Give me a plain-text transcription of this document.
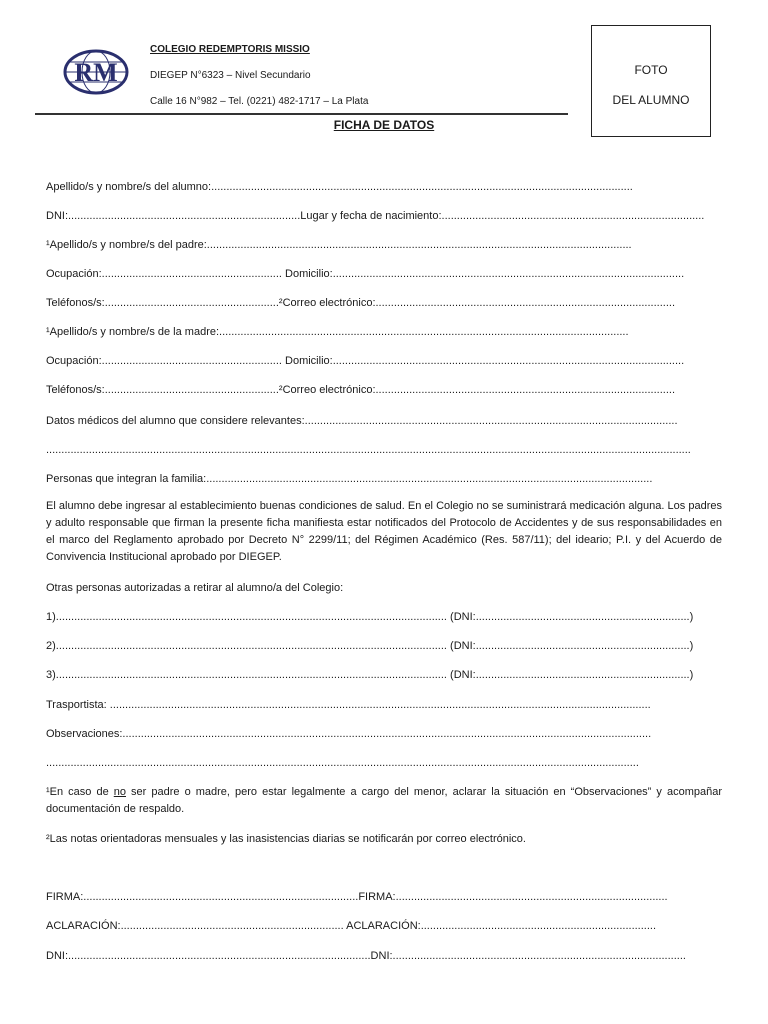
RM
COLEGIO REDEMPTORIS MISSIO
DIEGEP N°6323 – Nivel Secundario
Calle 16 N°982 – Tel. (0221) 482-1717 – La Plata
FOTO
DEL ALUMNO
FICHA DE DATOS
Apellido/s y nombre/s del alumno:..........................................................................................................................................
DNI:............................................................................Lugar y fecha de nacimiento:......................................................................................
¹Apellido/s y nombre/s del padre:...........................................................................................................................................
Ocupación:........................................................... Domicilio:...................................................................................................................
Teléfonos/s:.........................................................²Correo electrónico:..................................................................................................
¹Apellido/s y nombre/s de la madre:......................................................................................................................................
Ocupación:........................................................... Domicilio:...................................................................................................................
Teléfonos/s:.........................................................²Correo electrónico:..................................................................................................
Datos médicos del alumno que considere relevantes:..........................................................................................................................
...................................................................................................................................................................................................................
Personas que integran la familia:..................................................................................................................................................

El alumno debe ingresar al establecimiento buenas condiciones de salud. En el Colegio no se suministrará medicación alguna. Los padres y adulto responsable que firman la presente ficha manifiesta estar notificados del Protocolo de Accidentes y de sus responsabilidades en el marco del Reglamento aprobado por Decreto N° 2299/11; del Régimen Académico (Res. 587/11); del ideario; P.I. y del Acuerdo de Convivencia Institucional aprobado por DIEGEP.

Otras personas autorizadas a retirar al alumno/a del Colegio:
1)................................................................................................................................ (DNI:......................................................................)
2)................................................................................................................................ (DNI:......................................................................)
3)................................................................................................................................ (DNI:......................................................................)
Trasportista: .................................................................................................................................................................................
Observaciones:.............................................................................................................................................................................
..................................................................................................................................................................................................

¹En caso de no ser padre o madre, pero estar legalmente a cargo del menor, aclarar la situación en “Observaciones” y acompañar documentación de respaldo.

²Las notas orientadoras mensuales y las inasistencias diarias se notificarán por correo electrónico.
FIRMA:..........................................................................................FIRMA:.........................................................................................
ACLARACIÓN:......................................................................... ACLARACIÓN:.............................................................................
DNI:...................................................................................................DNI:................................................................................................
